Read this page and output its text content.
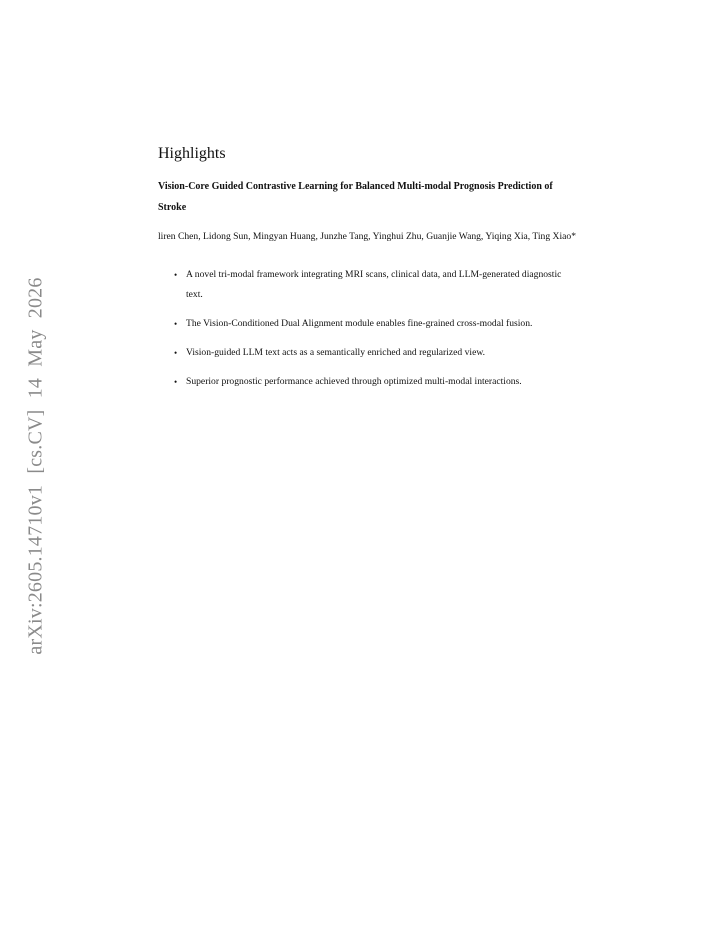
arXiv:2605.14710v1 [cs.CV] 14 May 2026
Highlights
Vision-Core Guided Contrastive Learning for Balanced Multi-modal Prognosis Prediction of Stroke
liren Chen, Lidong Sun, Mingyan Huang, Junzhe Tang, Yinghui Zhu, Guanjie Wang, Yiqing Xia, Ting Xiao*
• A novel tri-modal framework integrating MRI scans, clinical data, and LLM-generated diagnostic text.
• The Vision-Conditioned Dual Alignment module enables fine-grained cross-modal fusion.
• Vision-guided LLM text acts as a semantically enriched and regularized view.
• Superior prognostic performance achieved through optimized multi-modal interactions.
